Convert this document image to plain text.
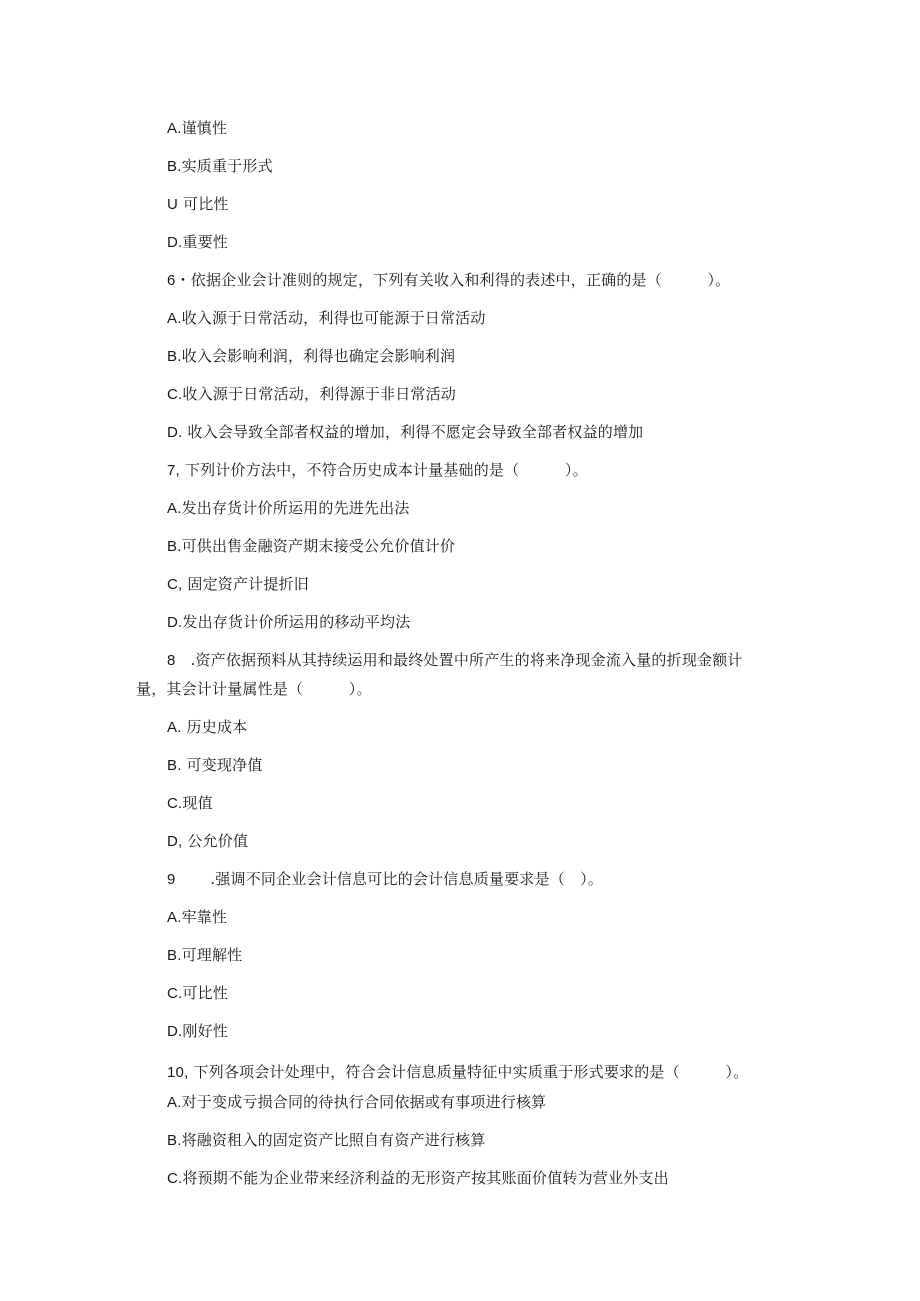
A.谨慎性
B.实质重于形式
U 可比性
D.重要性
6・依据企业会计准则的规定，下列有关收入和利得的表述中，正确的是（　　　）。
A.收入源于日常活动，利得也可能源于日常活动
B.收入会影响利润，利得也确定会影响利润
C.收入源于日常活动，利得源于非日常活动
D. 收入会导致全部者权益的增加，利得不愿定会导致全部者权益的增加
7, 下列计价方法中，不符合历史成本计量基础的是（　　　）。
A.发出存货计价所运用的先进先出法
B.可供出售金融资产期末接受公允价值计价
C, 固定资产计提折旧
D.发出存货计价所运用的移动平均法
8 .资产依据预料从其持续运用和最终处置中所产生的将来净现金流入量的折现金额计
量，其会计计量属性是（　　　）。
A. 历史成本
B. 可变现净值
C.现值
D, 公允价值
9 .强调不同企业会计信息可比的会计信息质量要求是（　）。
A.牢靠性
B.可理解性
C.可比性
D.刚好性
10, 下列各项会计处理中，符合会计信息质量特征中实质重于形式要求的是（　　　）。
A.对于变成亏损合同的待执行合同依据或有事项进行核算
B.将融资租入的固定资产比照自有资产进行核算
C.将预期不能为企业带来经济利益的无形资产按其账面价值转为营业外支出
